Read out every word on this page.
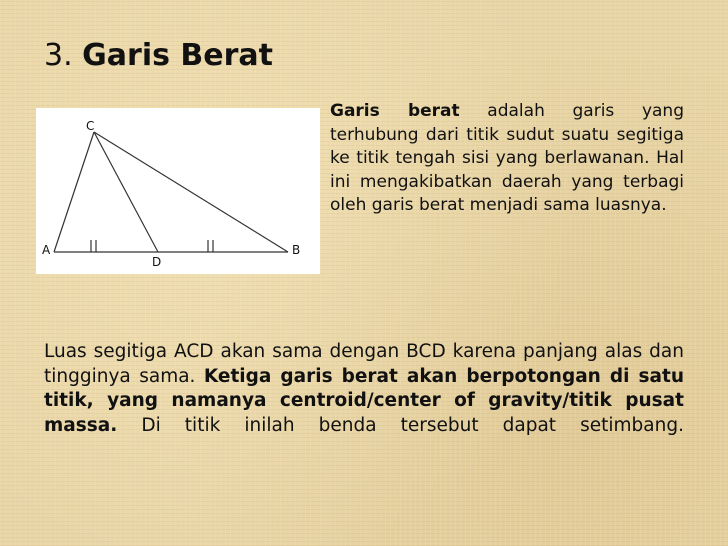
3. Garis Berat
C
A	B
D
Garis berat adalah garis yang terhubung dari titik sudut suatu segitiga ke titik tengah sisi yang berlawanan. Hal ini mengakibatkan daerah yang terbagi oleh garis berat menjadi sama luasnya.
Luas segitiga ACD akan sama dengan BCD karena panjang alas dan tingginya sama. Ketiga garis berat akan berpotongan di satu titik, yang namanya centroid/center of gravity/titik pusat massa. Di titik inilah benda tersebut dapat setimbang.
